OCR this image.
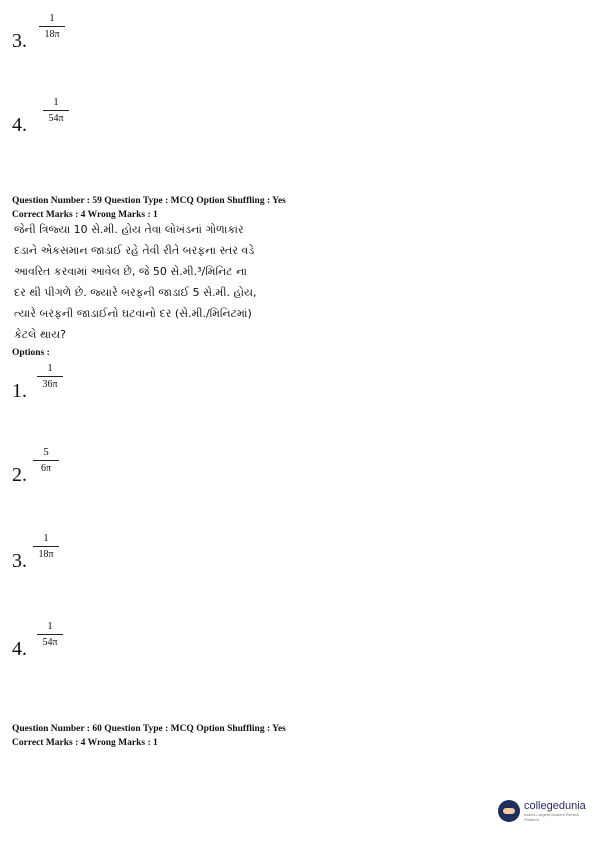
3.
1
18π
4.
1
54π
Question Number : 59 Question Type : MCQ Option Shuffling : Yes
Correct Marks : 4 Wrong Marks : 1
જેની ત્રિજ્યા 10 સે.મી. હોય તેવા લોખંડનાં ગોળાકાર
દડાને એકસમાન જાડાઈ રહે તેવી રીતે બરફના સ્તર વડે
આવરિત કરવામાં આવેલ છે, જે 50 સે.મી.³/મિનિટ ના
દર થી પીગળે છે. જ્યારે બરફની જાડાઈ 5 સે.મી. હોય,
ત્યારે બરફની જાડાઈનો ઘટવાનો દર (સે.મી./મિનિટમાં)
કેટલે થાય?
Options :
1.
1
36π
2.
5
6π
3.
1
18π
4.
1
54π
Question Number : 60 Question Type : MCQ Option Shuffling : Yes
Correct Marks : 4 Wrong Marks : 1
collegedunia
India's Largest Student Review Platform
